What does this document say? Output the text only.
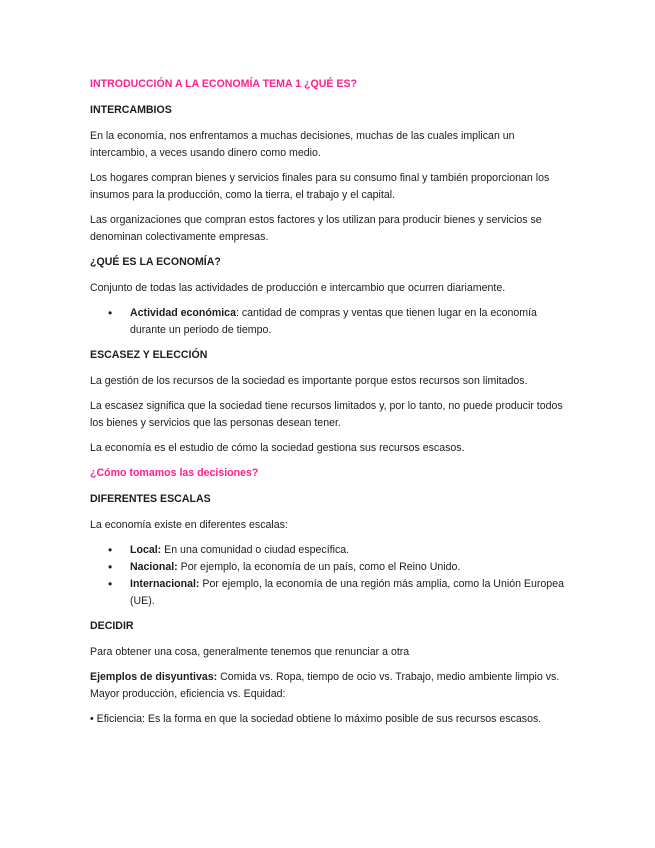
INTRODUCCIÓN A LA ECONOMÍA TEMA 1 ¿QUÉ ES?
INTERCAMBIOS

En la economía, nos enfrentamos a muchas decisiones, muchas de las cuales implican un intercambio, a veces usando dinero como medio.

Los hogares compran bienes y servicios finales para su consumo final y también proporcionan los insumos para la producción, como la tierra, el trabajo y el capital.

Las organizaciones que compran estos factores y los utilizan para producir bienes y servicios se denominan colectivamente empresas.

¿QUÉ ES LA ECONOMÍA?

Conjunto de todas las actividades de producción e intercambio que ocurren diariamente.

• Actividad económica: cantidad de compras y ventas que tienen lugar en la economía durante un periodo de tiempo.
ESCASEZ Y ELECCIÓN

La gestión de los recursos de la sociedad es importante porque estos recursos son limitados.

La escasez significa que la sociedad tiene recursos limitados y, por lo tanto, no puede producir todos los bienes y servicios que las personas desean tener.

La economía es el estudio de cómo la sociedad gestiona sus recursos escasos.

¿Cómo tomamos las decisiones?
DIFERENTES ESCALAS

La economía existe en diferentes escalas:

• Local: En una comunidad o ciudad específica.
• Nacional: Por ejemplo, la economía de un país, como el Reino Unido.
• Internacional: Por ejemplo, la economía de una región más amplia, como la Unión Europea (UE).
DECIDIR

Para obtener una cosa, generalmente tenemos que renunciar a otra

Ejemplos de disyuntivas: Comida vs. Ropa, tiempo de ocio vs. Trabajo, medio ambiente limpio vs. Mayor producción, eficiencia vs. Equidad:

• Eficiencia: Es la forma en que la sociedad obtiene lo máximo posible de sus recursos escasos.
